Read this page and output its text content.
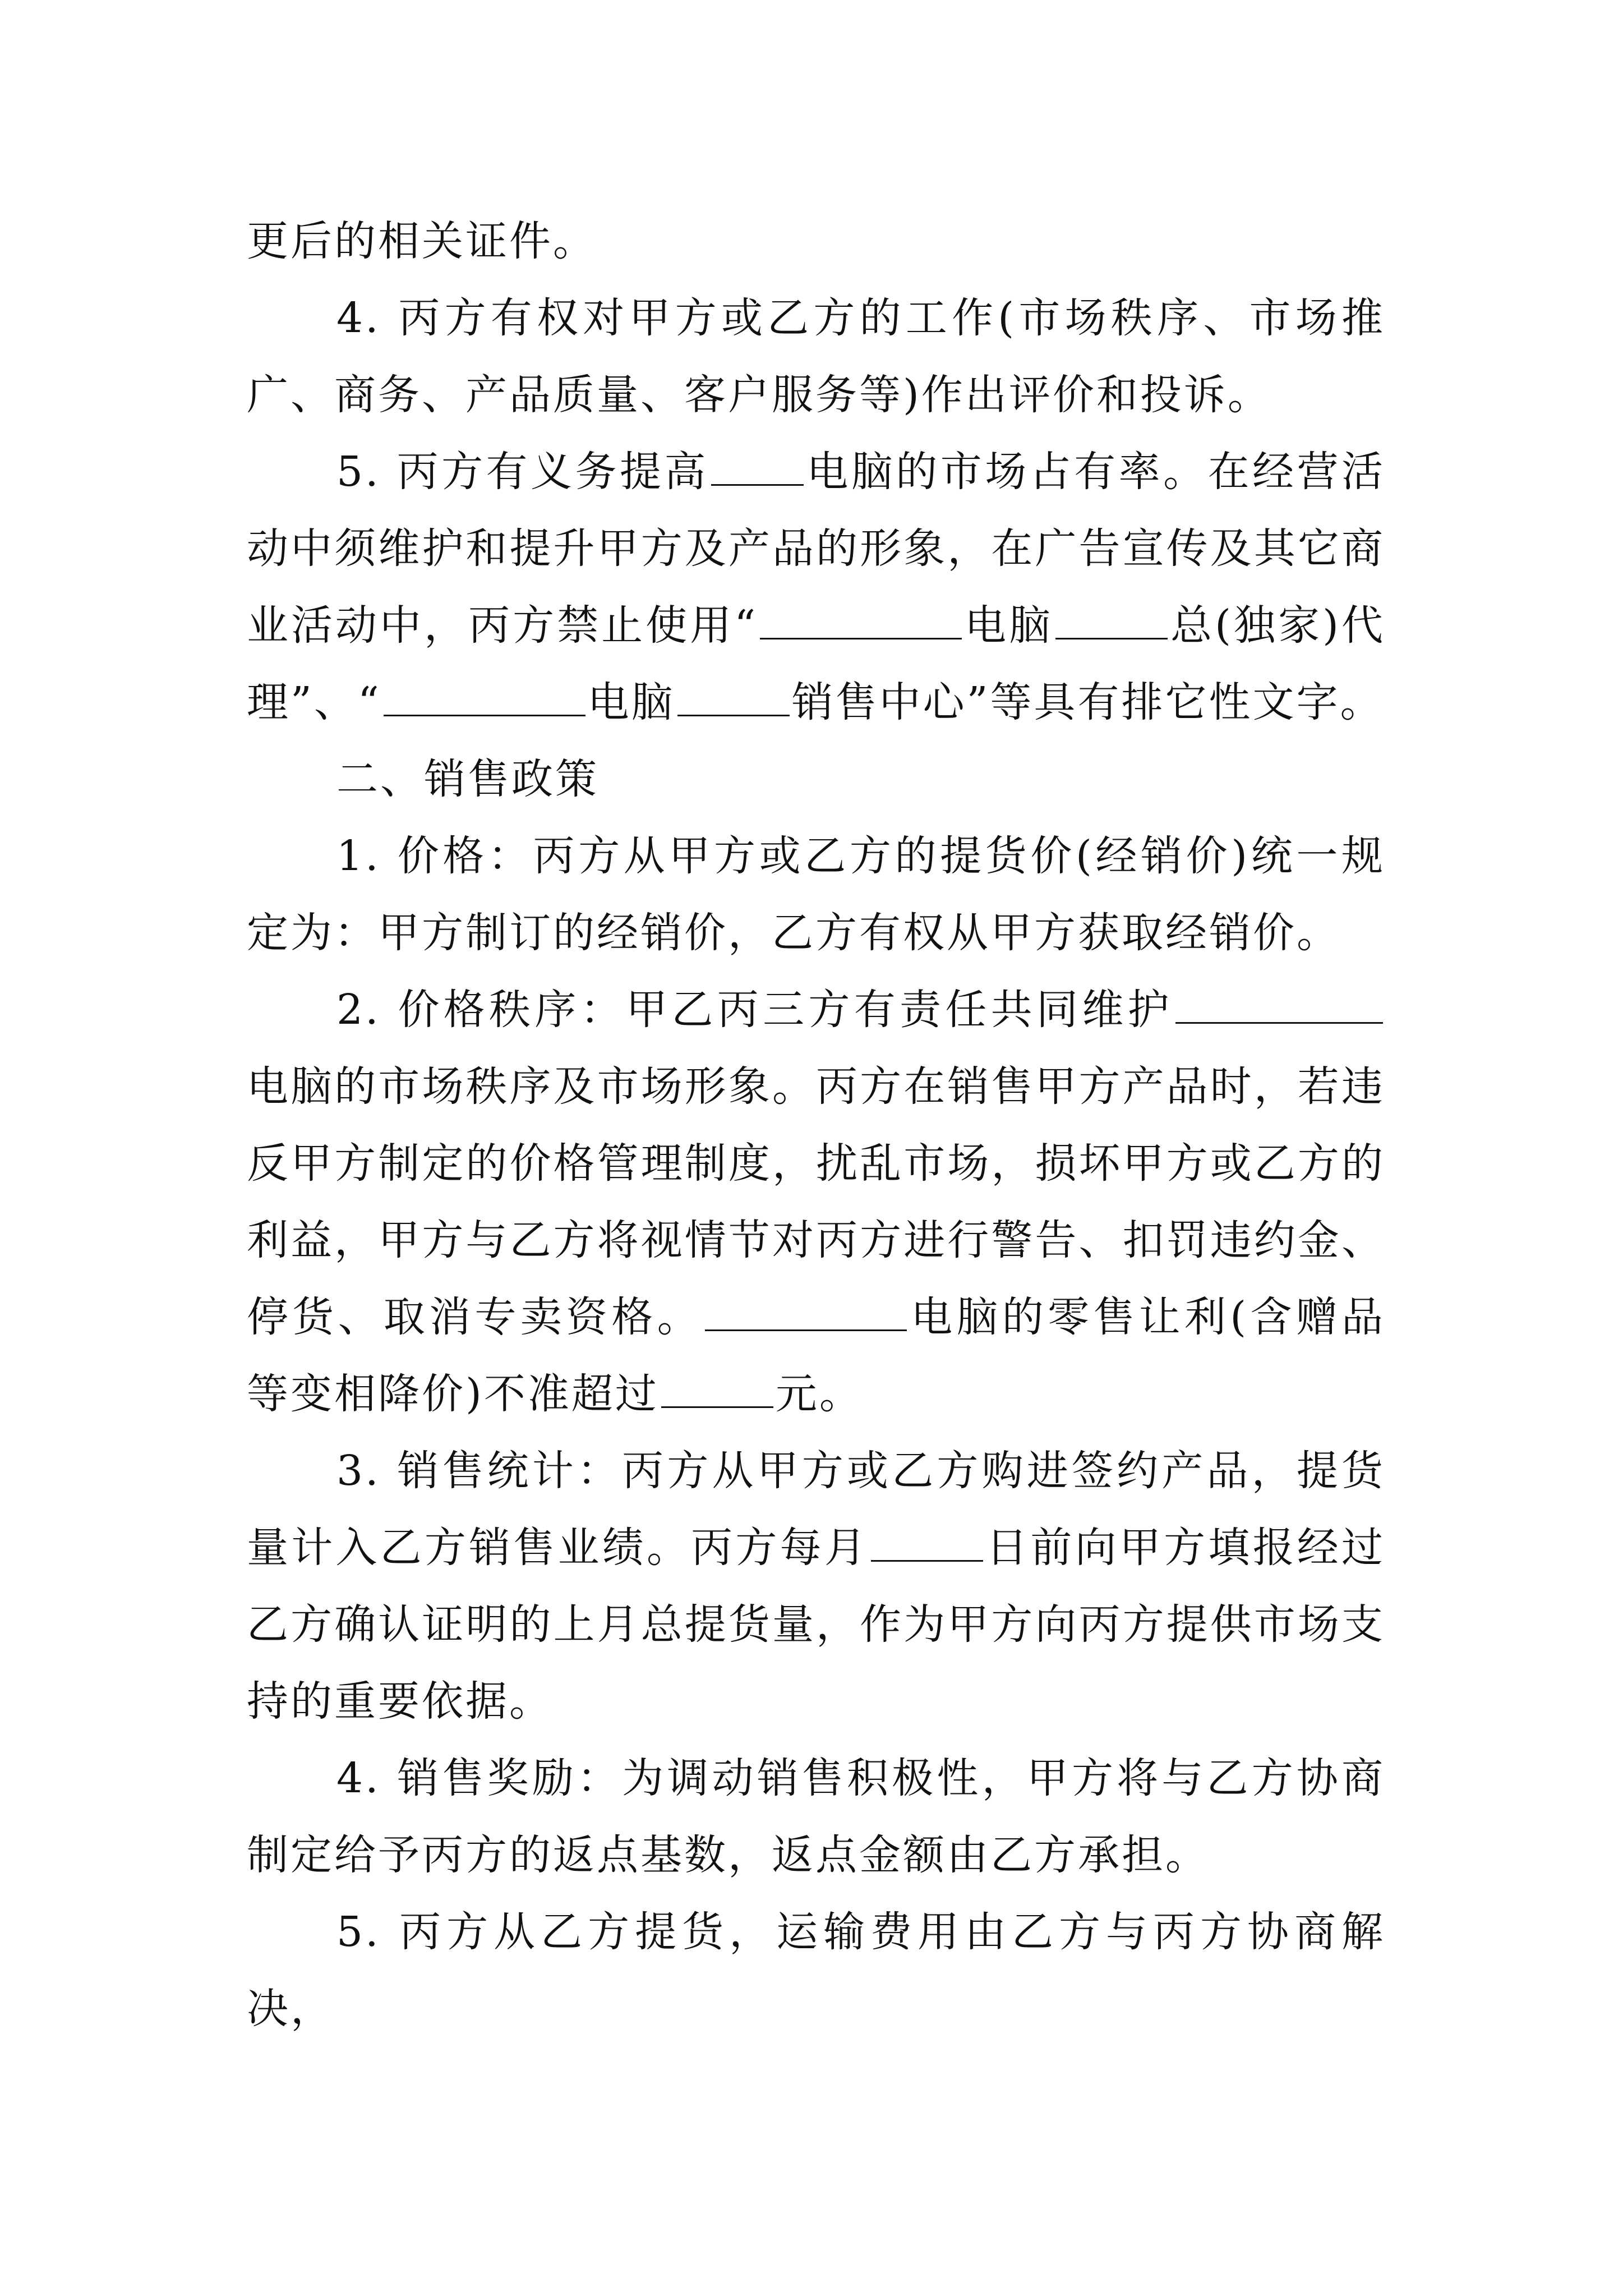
更后的相关证件。

4. 丙方有权对甲方或乙方的工作(市场秩序、市场推广、商务、产品质量、客户服务等)作出评价和投诉。

5. 丙方有义务提高 电脑的市场占有率。在经营活动中须维护和提升甲方及产品的形象，在广告宣传及其它商业活动中，丙方禁止使用“	电脑	总(独家)代理”、“	电脑	销售中心”等具有排它性文字。

二、销售政策

1. 价格：丙方从甲方或乙方的提货价(经销价)统一规定为：甲方制订的经销价，乙方有权从甲方获取经销价。

2. 价格秩序：甲乙丙三方有责任共同维护电脑的市场秩序及市场形象。丙方在销售甲方产品时，若违反甲方制定的价格管理制度，扰乱市场，损坏甲方或乙方的利益，甲方与乙方将视情节对丙方进行警告、扣罚违约金、停货、取消专卖资格。	电脑的零售让利(含赠品等变相降价)不准超过	元。

3. 销售统计：丙方从甲方或乙方购进签约产品，提货量计入乙方销售业绩。丙方每月	日前向甲方填报经过乙方确认证明的上月总提货量，作为甲方向丙方提供市场支持的重要依据。

4. 销售奖励：为调动销售积极性，甲方将与乙方协商制定给予丙方的返点基数，返点金额由乙方承担。

5. 丙方从乙方提货，运输费用由乙方与丙方协商解决，
